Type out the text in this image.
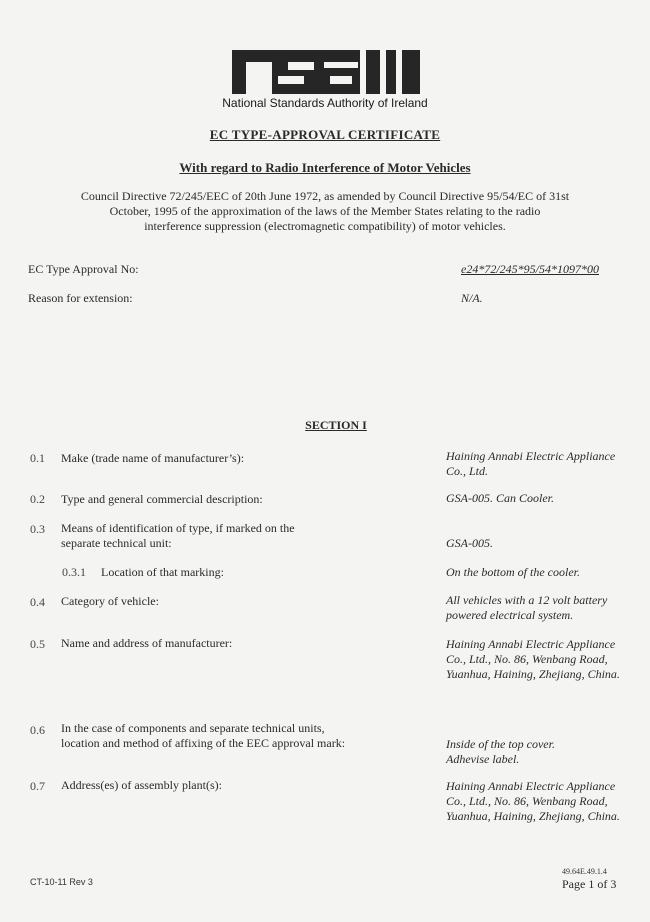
National Standards Authority of Ireland
EC TYPE-APPROVAL CERTIFICATE
With regard to Radio Interference of Motor Vehicles
Council Directive 72/245/EEC of 20th June 1972, as amended by Council Directive 95/54/EC of 31st October, 1995 of the approximation of the laws of the Member States relating to the radio interference suppression (electromagnetic compatibility) of motor vehicles.
EC Type Approval No:	e24*72/245*95/54*1097*00
Reason for extension:	N/A.
SECTION I
0.1 Make (trade name of manufacturer’s):	Haining Annabi Electric Appliance Co., Ltd.
0.2 Type and general commercial description:	GSA-005. Can Cooler.
0.3 Means of identification of type, if marked on the separate technical unit:	GSA-005.
0.3.1 Location of that marking:	On the bottom of the cooler.
0.4 Category of vehicle:	All vehicles with a 12 volt battery powered electrical system.
0.5 Name and address of manufacturer:	Haining Annabi Electric Appliance Co., Ltd., No. 86, Wenbang Road, Yuanhua, Haining, Zhejiang, China.
0.6 In the case of components and separate technical units, location and method of affixing of the EEC approval mark:	Inside of the top cover. Adhevise label.
0.7 Address(es) of assembly plant(s):	Haining Annabi Electric Appliance Co., Ltd., No. 86, Wenbang Road, Yuanhua, Haining, Zhejiang, China.
CT-10-11 Rev 3
49.64E.49.1.4
Page 1 of 3
